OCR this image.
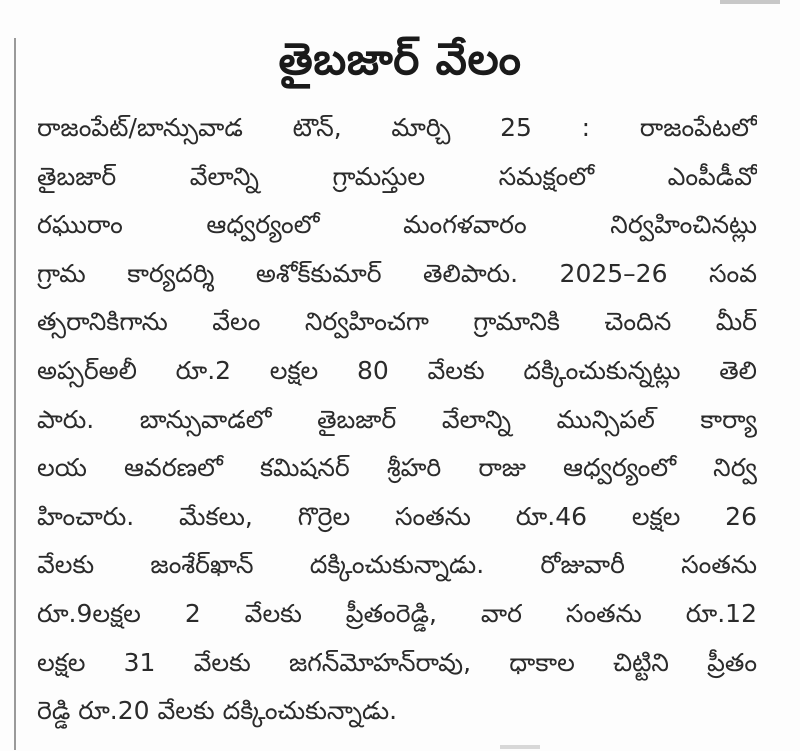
తైబజార్ వేలం
రాజంపేట్/బాన్సువాడ టౌన్, మార్చి 25 : రాజంపేటలో
తైబజార్ వేలాన్ని గ్రామస్తుల సమక్షంలో ఎంపీడీవో
రఘురాం ఆధ్వర్యంలో మంగళవారం నిర్వహించినట్లు
గ్రామ కార్యదర్శి అశోక్‌కుమార్ తెలిపారు. 2025–26 సంవ
త్సరానికిగాను వేలం నిర్వహించగా గ్రామానికి చెందిన మీర్
అప్సర్‌అలీ రూ.2 లక్షల 80 వేలకు దక్కించుకున్నట్లు తెలి
పారు. బాన్సువాడలో తైబజార్ వేలాన్ని మున్సిపల్ కార్యా
లయ ఆవరణలో కమిషనర్ శ్రీహరి రాజు ఆధ్వర్యంలో నిర్వ
హించారు. మేకలు, గొర్రెల సంతను రూ.46 లక్షల 26
వేలకు జంశేర్‌ఖాన్ దక్కించుకున్నాడు. రోజువారీ సంతను
రూ.9లక్షల 2 వేలకు ప్రీతంరెడ్డి, వార సంతను రూ.12
లక్షల 31 వేలకు జగన్‌మోహన్‌రావు, ధాకాల చిట్టిని ప్రీతం
రెడ్డి రూ.20 వేలకు దక్కించుకున్నాడు.
